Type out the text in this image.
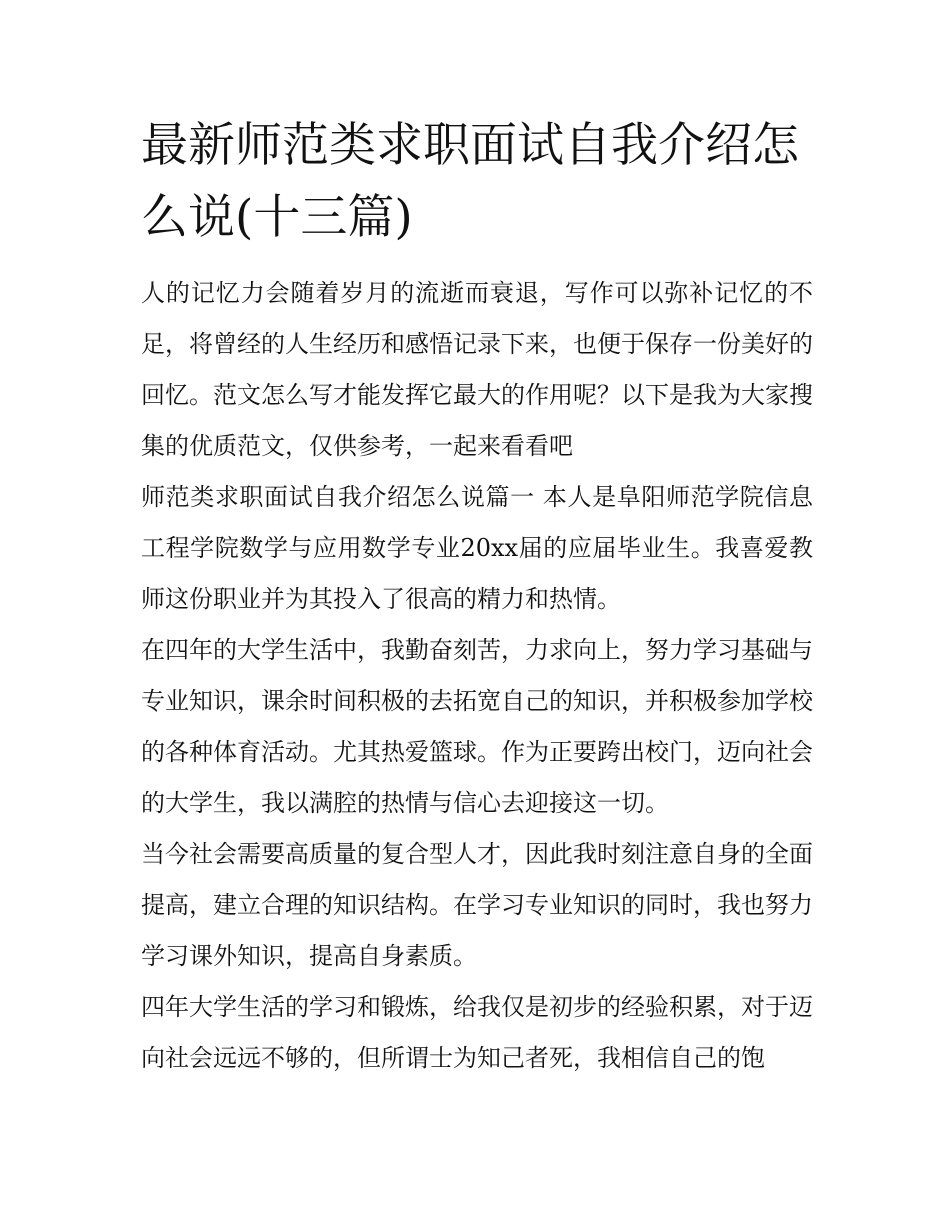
最新师范类求职面试自我介绍怎么说(十三篇)

人的记忆力会随着岁月的流逝而衰退，写作可以弥补记忆的不足，将曾经的人生经历和感悟记录下来，也便于保存一份美好的回忆。范文怎么写才能发挥它最大的作用呢？以下是我为大家搜集的优质范文，仅供参考，一起来看看吧

师范类求职面试自我介绍怎么说篇一 本人是阜阳师范学院信息工程学院数学与应用数学专业20xx届的应届毕业生。我喜爱教师这份职业并为其投入了很高的精力和热情。

在四年的大学生活中，我勤奋刻苦，力求向上，努力学习基础与专业知识，课余时间积极的去拓宽自己的知识，并积极参加学校的各种体育活动。尤其热爱篮球。作为正要跨出校门，迈向社会的大学生，我以满腔的热情与信心去迎接这一切。

当今社会需要高质量的复合型人才，因此我时刻注意自身的全面提高，建立合理的知识结构。在学习专业知识的同时，我也努力学习课外知识，提高自身素质。

四年大学生活的学习和锻炼，给我仅是初步的经验积累，对于迈向社会远远不够的，但所谓士为知己者死，我相信自己的饱
